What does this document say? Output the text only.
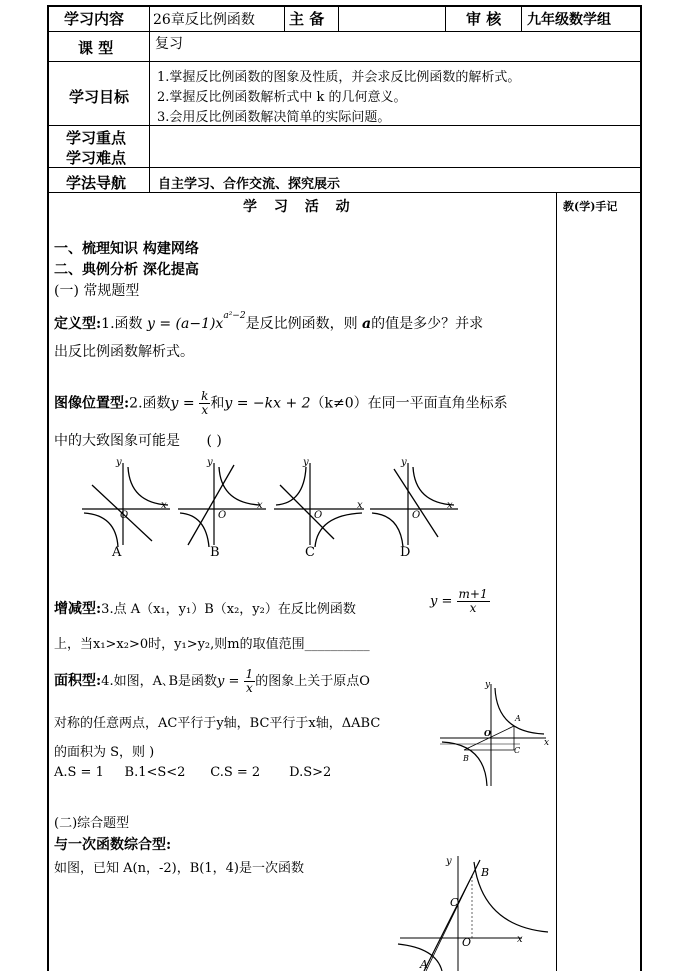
学习内容 26章反比例函数 主 备	审 核 九年级数学组
课 型	复习
学习目标
1.掌握反比例函数的图象及性质，并会求反比例函数的解析式。
2.掌握反比例函数解析式中 k 的几何意义。
3.会用反比例函数解决简单的实际问题。
学习重点
学习难点
学法导航 自主学习、合作交流、探究展示
学 习 活 动	教(学)手记
一、梳理知识 构建网络
二、典例分析 深化提高
(一) 常规题型
定义型:1.函数 $y = (a-1)x^{a^2-2}$是反比例函数，则 a的值是多少？并求
出反比例函数解析式。
图像位置型:2.函数$y = \frac{k}{x}$ 和y = −kx + 2（k≠0）在同一平面直角坐标系
中的大致图象可能是 ( )
y
x
O
A
y
x
O
B
y
x
O
C
y
x
O
D
增减型:3.点 A（x₁，y₁）B（x₂，y₂）在反比例函数
$y = \frac{m+1}{x}$
上，当x₁>x₂>0时，y₁>y₂,则m的取值范围__________
面积型:4.如图，A､B是函数$y = \frac{1}{x}$ 的图象上关于原点O
对称的任意两点，AC平行于y轴，BC平行于x轴，ΔABC
的面积为 S，则 )
A.S = 1     B.1<S<2      C.S = 2       D.S>2
y
x
O
A
B
C
(二)综合题型
与一次函数综合型:
如图，已知 A(n，-2)，B(1，4)是一次函数	y
x
O
B
C
A
